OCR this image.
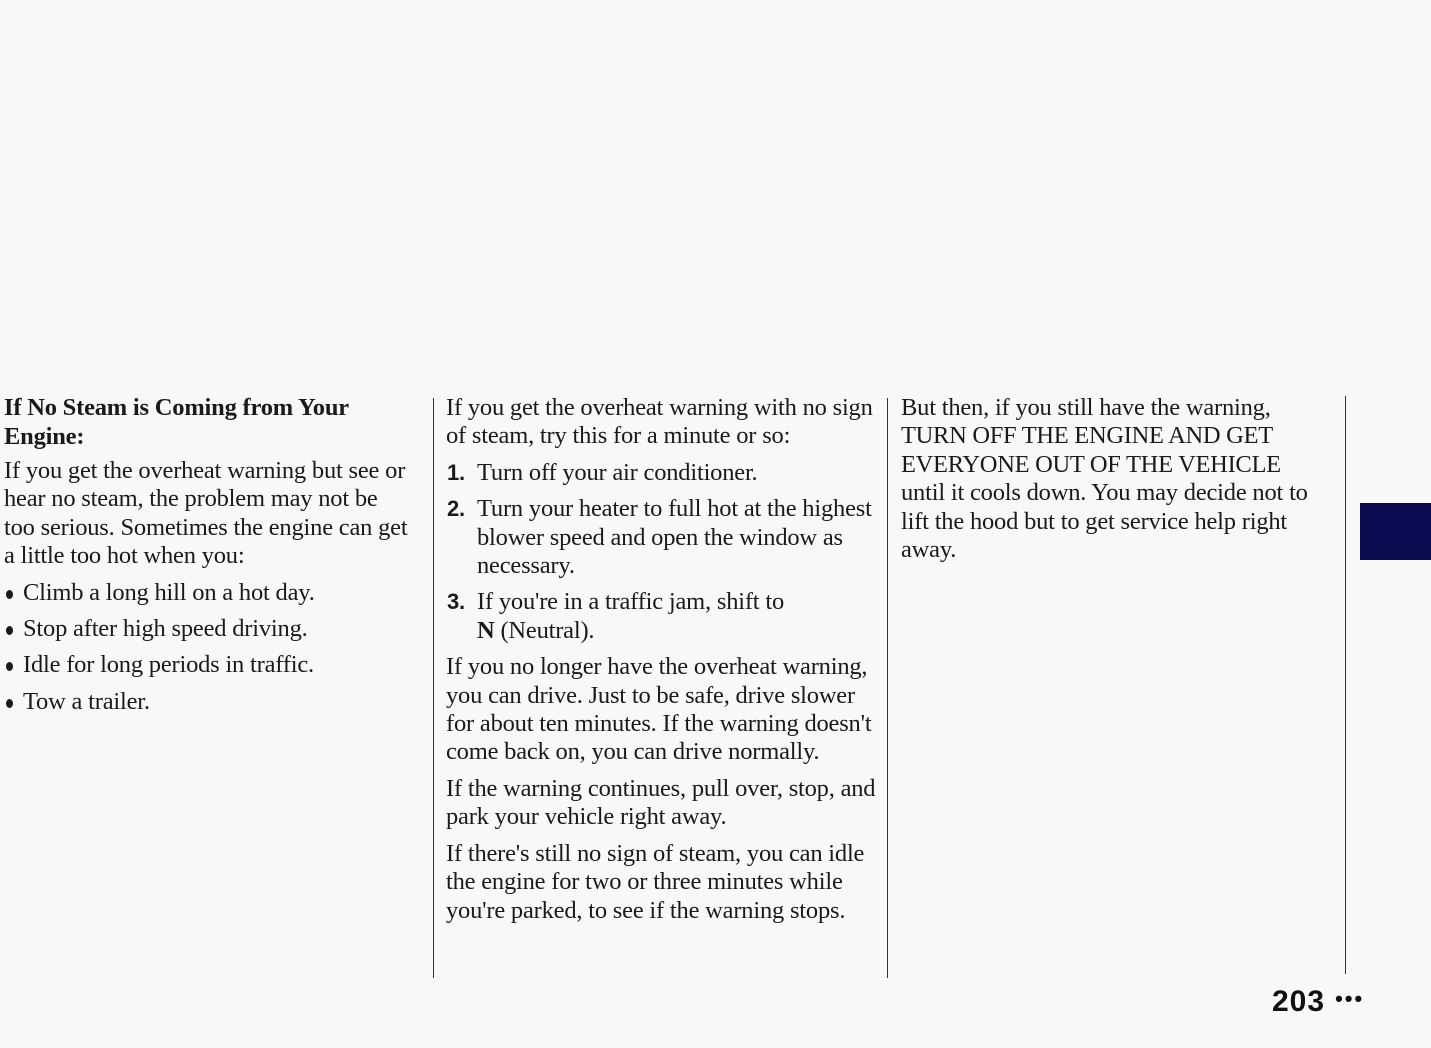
If No Steam is Coming from Your
Engine:

If you get the overheat warning but see or hear no steam, the problem may not be too serious. Sometimes the engine can get a little too hot when you:

Climb a long hill on a hot day.
Stop after high speed driving.
Idle for long periods in traffic.
Tow a trailer.

If you get the overheat warning with no sign of steam, try this for a minute or so:

1. Turn off your air conditioner.
2. Turn your heater to full hot at the highest blower speed and open the window as necessary.
3. If you're in a traffic jam, shift to
N (Neutral).

If you no longer have the overheat warning, you can drive. Just to be safe, drive slower for about ten minutes. If the warning doesn't come back on, you can drive normally.

If the warning continues, pull over, stop, and park your vehicle right away.

If there's still no sign of steam, you can idle the engine for two or three minutes while you're parked, to see if the warning stops.

But then, if you still have the warning,
TURN OFF THE ENGINE AND GET
EVERYONE OUT OF THE VEHICLE
until it cools down. You may decide not to lift the hood but to get service help right away.

203 •••
